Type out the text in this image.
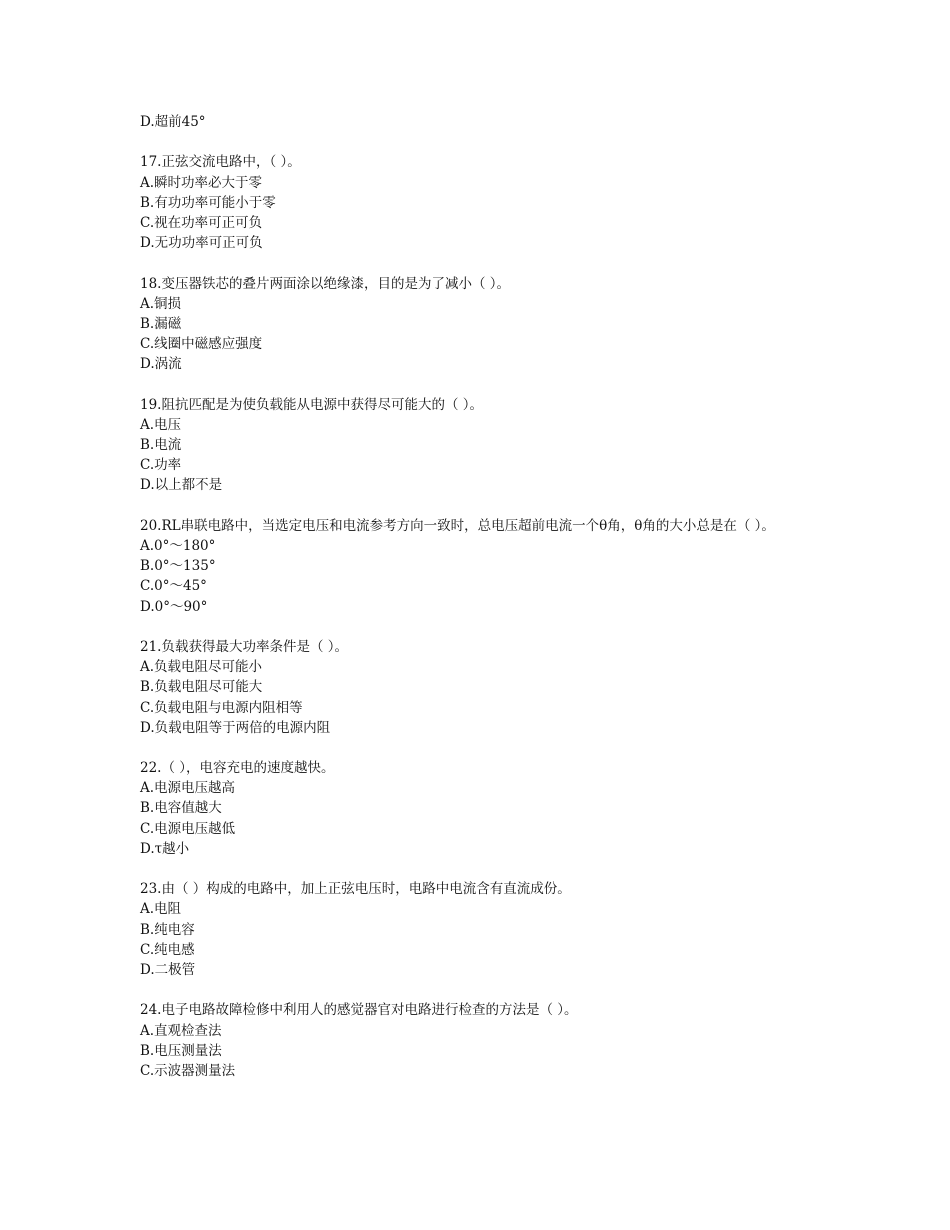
D.超前45°
17.正弦交流电路中，（ ）。
A.瞬时功率必大于零
B.有功功率可能小于零
C.视在功率可正可负
D.无功功率可正可负
18.变压器铁芯的叠片两面涂以绝缘漆，目的是为了减小（ ）。
A.铜损
B.漏磁
C.线圈中磁感应强度
D.涡流
19.阻抗匹配是为使负载能从电源中获得尽可能大的（ ）。
A.电压
B.电流
C.功率
D.以上都不是
20.RL串联电路中，当选定电压和电流参考方向一致时，总电压超前电流一个θ角，θ角的大小总是在（ ）。
A.0°～180°
B.0°～135°
C.0°～45°
D.0°～90°
21.负载获得最大功率条件是（ ）。
A.负载电阻尽可能小
B.负载电阻尽可能大
C.负载电阻与电源内阻相等
D.负载电阻等于两倍的电源内阻
22.（ ），电容充电的速度越快。
A.电源电压越高
B.电容值越大
C.电源电压越低
D.τ越小
23.由（ ）构成的电路中，加上正弦电压时，电路中电流含有直流成份。
A.电阻
B.纯电容
C.纯电感
D.二极管
24.电子电路故障检修中利用人的感觉器官对电路进行检查的方法是（ ）。
A.直观检查法
B.电压测量法
C.示波器测量法
